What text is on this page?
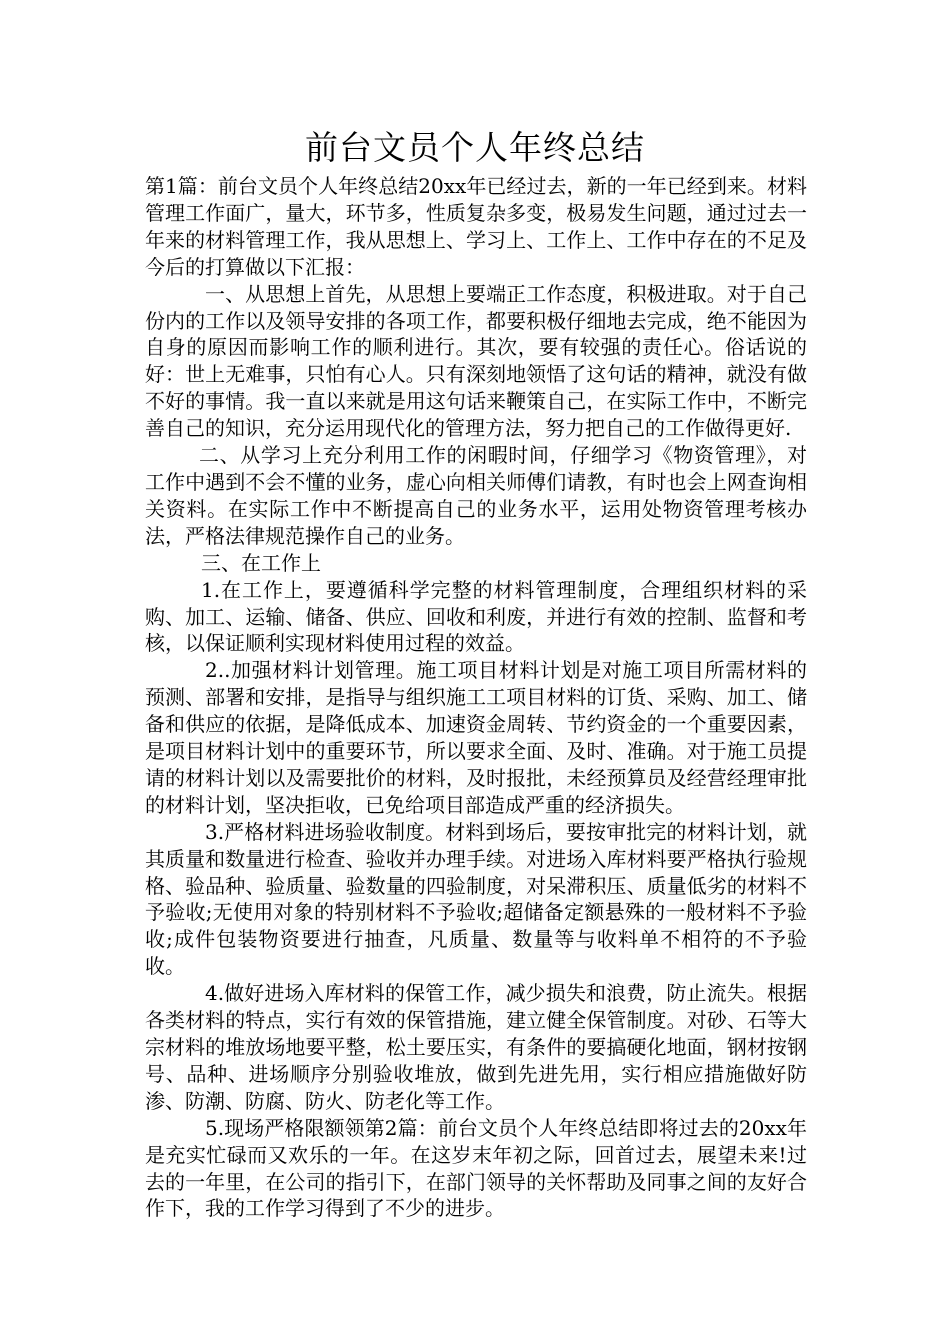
前台文员个人年终总结

第1篇：前台文员个人年终总结20xx年已经过去，新的一年已经到来。材料管理工作面广，量大，环节多，性质复杂多变，极易发生问题，通过过去一年来的材料管理工作，我从思想上、学习上、工作上、工作中存在的不足及今后的打算做以下汇报：

一、从思想上首先，从思想上要端正工作态度，积极进取。对于自己份内的工作以及领导安排的各项工作，都要积极仔细地去完成，绝不能因为自身的原因而影响工作的顺利进行。其次，要有较强的责任心。俗话说的好：世上无难事，只怕有心人。只有深刻地领悟了这句话的精神，就没有做不好的事情。我一直以来就是用这句话来鞭策自己，在实际工作中，不断完善自己的知识，充分运用现代化的管理方法，努力把自己的工作做得更好.

二、从学习上充分利用工作的闲暇时间，仔细学习《物资管理》，对工作中遇到不会不懂的业务，虚心向相关师傅们请教，有时也会上网查询相关资料。在实际工作中不断提高自己的业务水平，运用处物资管理考核办法，严格法律规范操作自己的业务。

三、在工作上

1.在工作上，要遵循科学完整的材料管理制度，合理组织材料的采购、加工、运输、储备、供应、回收和利废，并进行有效的控制、监督和考核，以保证顺利实现材料使用过程的效益。

2..加强材料计划管理。施工项目材料计划是对施工项目所需材料的预测、部署和安排，是指导与组织施工工项目材料的订货、采购、加工、储备和供应的依据，是降低成本、加速资金周转、节约资金的一个重要因素，是项目材料计划中的重要环节，所以要求全面、及时、准确。对于施工员提请的材料计划以及需要批价的材料，及时报批，未经预算员及经营经理审批的材料计划，坚决拒收，已免给项目部造成严重的经济损失。

3.严格材料进场验收制度。材料到场后，要按审批完的材料计划，就其质量和数量进行检查、验收并办理手续。对进场入库材料要严格执行验规格、验品种、验质量、验数量的四验制度，对呆滞积压、质量低劣的材料不予验收;无使用对象的特别材料不予验收;超储备定额悬殊的一般材料不予验收;成件包装物资要进行抽查，凡质量、数量等与收料单不相符的不予验收。

4.做好进场入库材料的保管工作，减少损失和浪费，防止流失。根据各类材料的特点，实行有效的保管措施，建立健全保管制度。对砂、石等大宗材料的堆放场地要平整，松土要压实，有条件的要搞硬化地面，钢材按钢号、品种、进场顺序分别验收堆放，做到先进先用，实行相应措施做好防渗、防潮、防腐、防火、防老化等工作。

5.现场严格限额领第2篇：前台文员个人年终总结即将过去的20xx年是充实忙碌而又欢乐的一年。在这岁末年初之际，回首过去，展望未来!过去的一年里，在公司的指引下，在部门领导的关怀帮助及同事之间的友好合作下，我的工作学习得到了不少的进步。
